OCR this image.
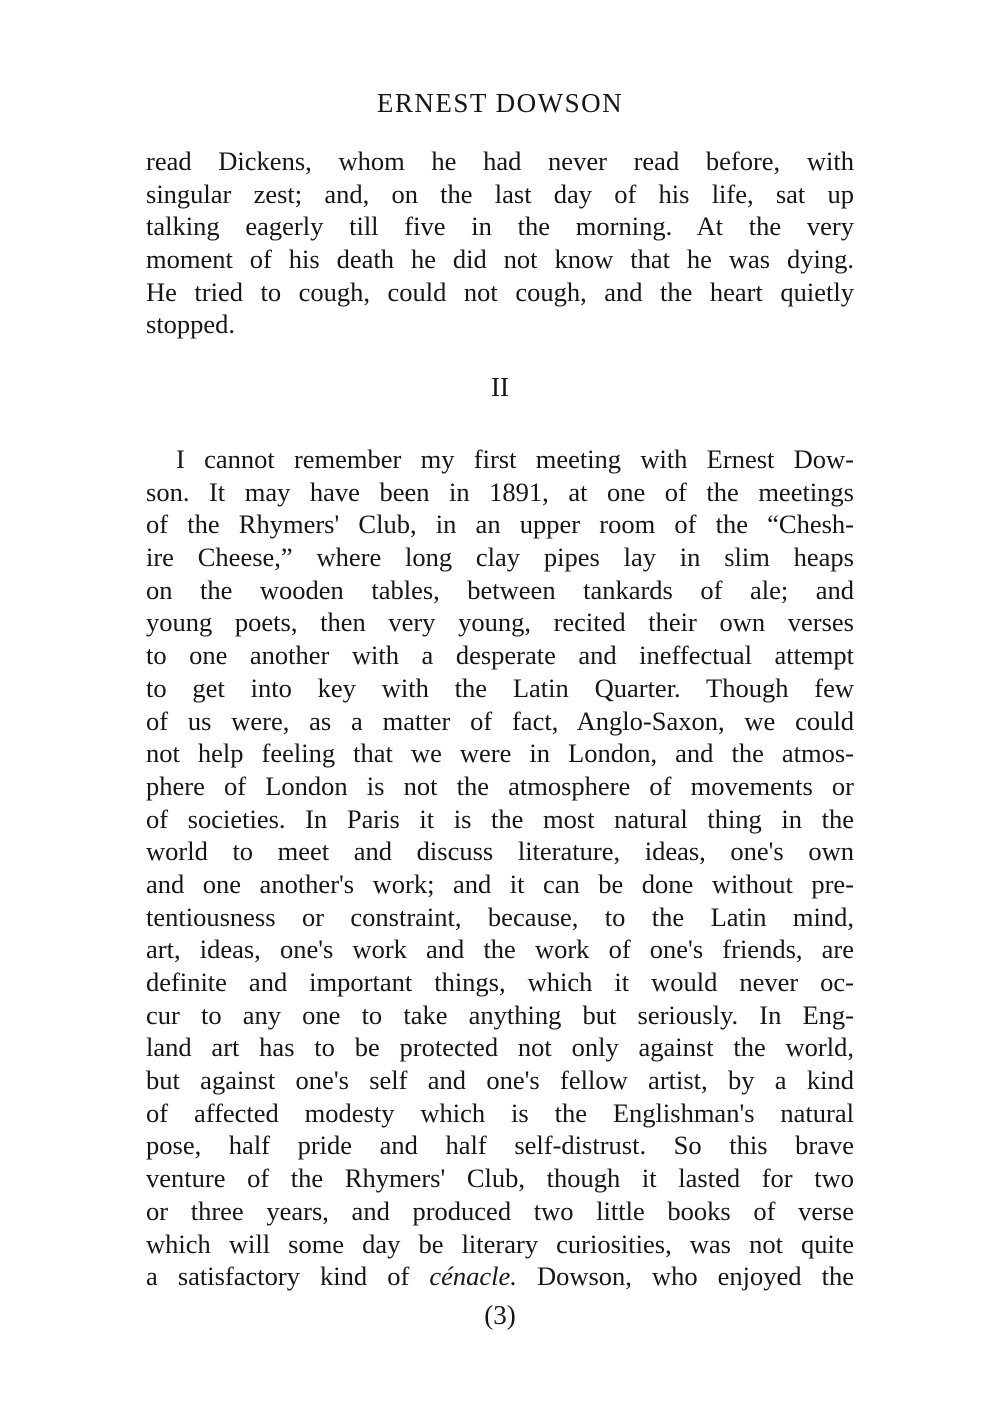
ERNEST DOWSON
read Dickens, whom he had never read before, with
singular zest; and, on the last day of his life, sat up
talking eagerly till five in the morning. At the very
moment of his death he did not know that he was dying.
He tried to cough, could not cough, and the heart quietly
stopped.
II
I cannot remember my first meeting with Ernest Dow-
son. It may have been in 1891, at one of the meetings
of the Rhymers' Club, in an upper room of the “Chesh-
ire Cheese,” where long clay pipes lay in slim heaps
on the wooden tables, between tankards of ale; and
young poets, then very young, recited their own verses
to one another with a desperate and ineffectual attempt
to get into key with the Latin Quarter. Though few
of us were, as a matter of fact, Anglo-Saxon, we could
not help feeling that we were in London, and the atmos-
phere of London is not the atmosphere of movements or
of societies. In Paris it is the most natural thing in the
world to meet and discuss literature, ideas, one's own
and one another's work; and it can be done without pre-
tentiousness or constraint, because, to the Latin mind,
art, ideas, one's work and the work of one's friends, are
definite and important things, which it would never oc-
cur to any one to take anything but seriously. In Eng-
land art has to be protected not only against the world,
but against one's self and one's fellow artist, by a kind
of affected modesty which is the Englishman's natural
pose, half pride and half self-distrust. So this brave
venture of the Rhymers' Club, though it lasted for two
or three years, and produced two little books of verse
which will some day be literary curiosities, was not quite
a satisfactory kind of cénacle. Dowson, who enjoyed the
(3)
